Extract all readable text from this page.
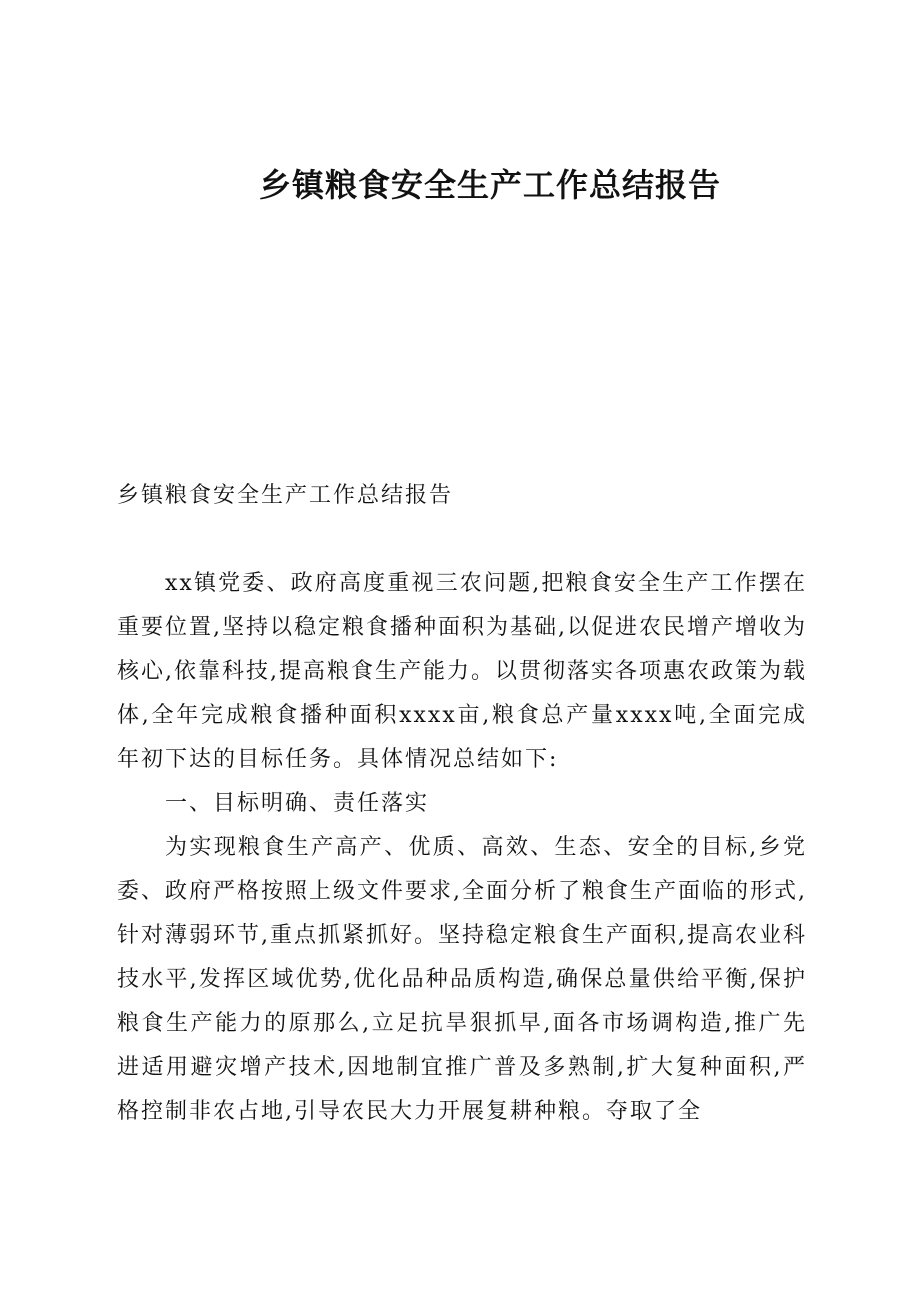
乡镇粮食安全生产工作总结报告

乡镇粮食安全生产工作总结报告

xx镇党委、政府高度重视三农问题,把粮食安全生产工作摆在重要位置,坚持以稳定粮食播种面积为基础,以促进农民增产增收为核心,依靠科技,提高粮食生产能力。以贯彻落实各项惠农政策为载体,全年完成粮食播种面积xxxx亩,粮食总产量xxxx吨,全面完成年初下达的目标任务。具体情况总结如下:

一、目标明确、责任落实

为实现粮食生产高产、优质、高效、生态、安全的目标,乡党委、政府严格按照上级文件要求,全面分析了粮食生产面临的形式,针对薄弱环节,重点抓紧抓好。坚持稳定粮食生产面积,提高农业科技水平,发挥区域优势,优化品种品质构造,确保总量供给平衡,保护粮食生产能力的原那么,立足抗旱狠抓早,面各市场调构造,推广先进适用避灾增产技术,因地制宜推广普及多熟制,扩大复种面积,严格控制非农占地,引导农民大力开展复耕种粮。夺取了全
